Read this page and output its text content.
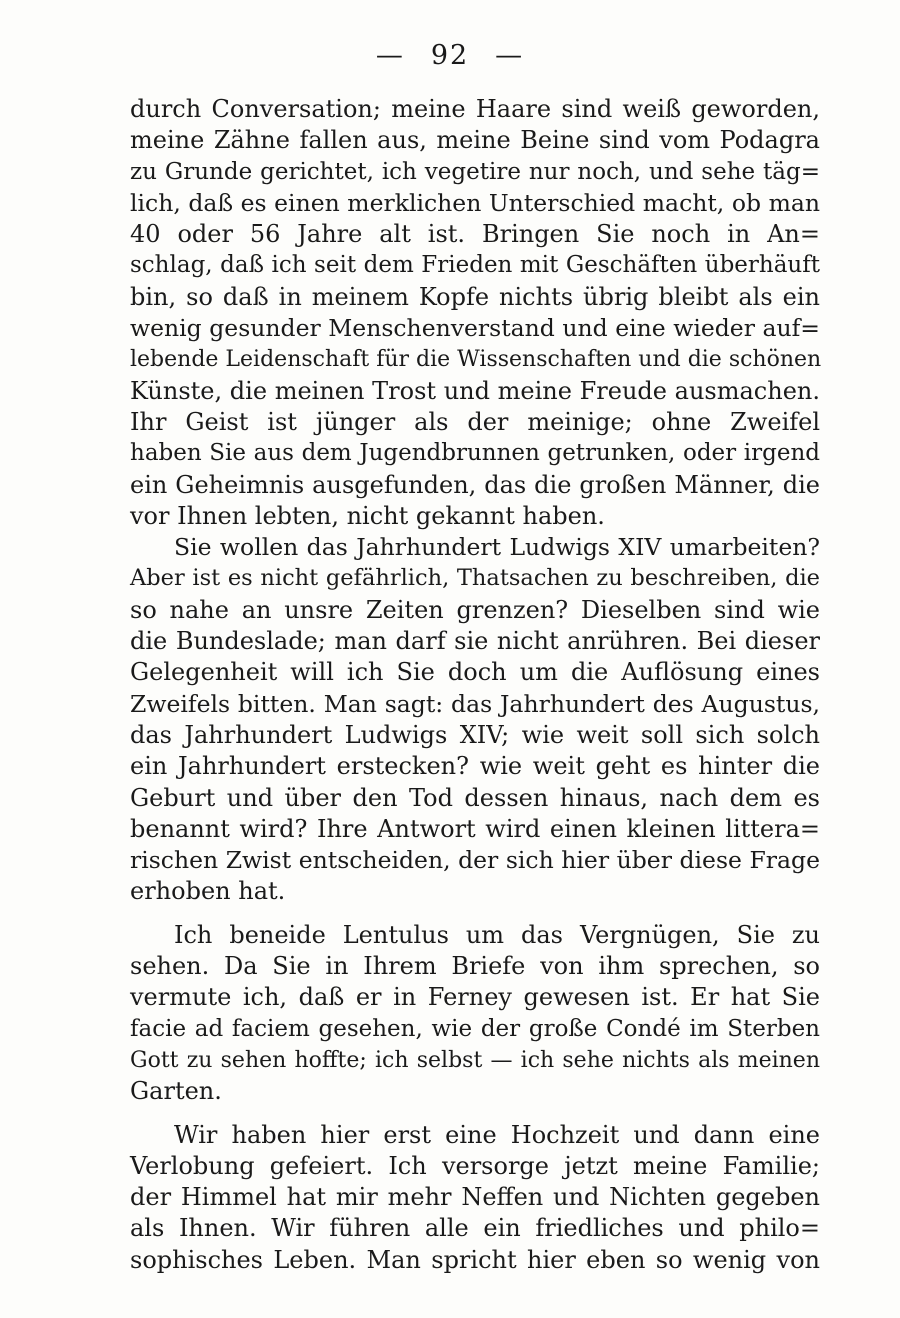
— 92 —
durch Conversation; meine Haare sind weiß geworden,
meine Zähne fallen aus, meine Beine sind vom Podagra
zu Grunde gerichtet, ich vegetire nur noch, und sehe täg=
lich, daß es einen merklichen Unterschied macht, ob man
40 oder 56 Jahre alt ist. Bringen Sie noch in An=
schlag, daß ich seit dem Frieden mit Geschäften überhäuft
bin, so daß in meinem Kopfe nichts übrig bleibt als ein
wenig gesunder Menschenverstand und eine wieder auf=
lebende Leidenschaft für die Wissenschaften und die schönen
Künste, die meinen Trost und meine Freude ausmachen.
Ihr Geist ist jünger als der meinige; ohne Zweifel
haben Sie aus dem Jugendbrunnen getrunken, oder irgend
ein Geheimnis ausgefunden, das die großen Männer, die
vor Ihnen lebten, nicht gekannt haben.
Sie wollen das Jahrhundert Ludwigs XIV umarbeiten?
Aber ist es nicht gefährlich, Thatsachen zu beschreiben, die
so nahe an unsre Zeiten grenzen? Dieselben sind wie
die Bundeslade; man darf sie nicht anrühren. Bei dieser
Gelegenheit will ich Sie doch um die Auflösung eines
Zweifels bitten. Man sagt: das Jahrhundert des Augustus,
das Jahrhundert Ludwigs XIV; wie weit soll sich solch
ein Jahrhundert erstecken? wie weit geht es hinter die
Geburt und über den Tod dessen hinaus, nach dem es
benannt wird? Ihre Antwort wird einen kleinen littera=
rischen Zwist entscheiden, der sich hier über diese Frage
erhoben hat.
Ich beneide Lentulus um das Vergnügen, Sie zu
sehen. Da Sie in Ihrem Briefe von ihm sprechen, so
vermute ich, daß er in Ferney gewesen ist. Er hat Sie
facie ad faciem gesehen, wie der große Condé im Sterben
Gott zu sehen hoffte; ich selbst — ich sehe nichts als meinen
Garten.
Wir haben hier erst eine Hochzeit und dann eine
Verlobung gefeiert. Ich versorge jetzt meine Familie;
der Himmel hat mir mehr Neffen und Nichten gegeben
als Ihnen. Wir führen alle ein friedliches und philo=
sophisches Leben. Man spricht hier eben so wenig von
